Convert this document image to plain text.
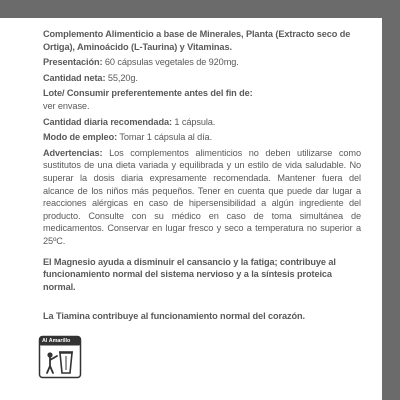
Complemento Alimenticio a base de Minerales, Planta (Extracto seco de Ortiga), Aminoácido (L-Taurina) y Vitaminas.

Presentación: 60 cápsulas vegetales de 920mg.

Cantidad neta: 55,20g.

Lote/ Consumir preferentemente antes del fin de:

ver envase.

Cantidad diaria recomendada: 1 cápsula.

Modo de empleo: Tomar 1 cápsula al día.

Advertencias: Los complementos alimenticios no deben utilizarse como sustitutos de una dieta variada y equilibrada y un estilo de vida saludable. No superar la dosis diaria expresamente recomendada. Mantener fuera del alcance de los niños más pequeños. Tener en cuenta que puede dar lugar a reacciones alérgicas en caso de hipersensibilidad a algún ingrediente del producto. Consulte con su médico en caso de toma simultánea de medicamentos. Conservar en lugar fresco y seco a temperatura no superior a 25ºC.

El Magnesio ayuda a disminuir el cansancio y la fatiga; contribuye al funcionamiento normal del sistema nervioso y a la síntesis proteica normal.

La Tiamina contribuye al funcionamiento normal del corazón.

Al Amarillo
